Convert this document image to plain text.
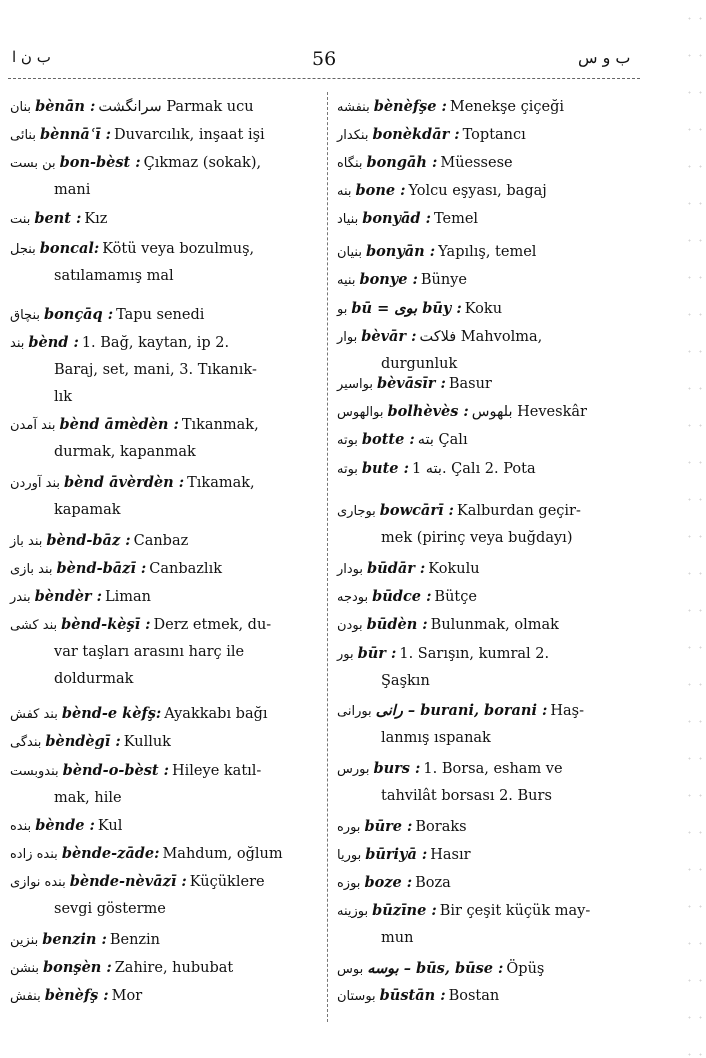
ب ن ا	56	ب و س
بنان bènān : سرانگشت Parmak ucu
بنائی bènnāʿī : Duvarcılık, inşaat işi
بن بست bon-bèst : Çıkmaz (sokak),
mani
بنت bent : Kız
بنجل boncal: Kötü veya bozulmuş,
satılamamış mal
بنچاق bonçāq : Tapu senedi
بند bènd : 1. Bağ, kaytan, ip 2.
Baraj, set, mani, 3. Tıkanık-
lık
بند آمدن bènd āmèdèn : Tıkanmak,
durmak, kapanmak
بند آوردن bènd āvèrdèn : Tıkamak,
kapamak
بند باز bènd-bāz : Canbaz
بند بازی bènd-bāzī : Canbazlık
بندر bèndèr : Liman
بند کشی bènd-kèşī : Derz etmek, du-
var taşları arasını harç ile
doldurmak
بند کفش bènd-e kèfş: Ayakkabı bağı
بندگی bèndègī : Kulluk
بندوبست bènd-o-bèst : Hileye katıl-
mak, hile
بنده bènde : Kul
بنده زاده bènde-zāde: Mahdum, oğlum
بنده نوازی bènde-nèvāzī : Küçüklere
sevgi gösterme
بنزین benzin : Benzin
بنشن bonşèn : Zahire, hububat
بنفش bènèfş : Mor
بنفشه bènèfşe : Menekşe çiçeği
بنکدار bonèkdār : Toptancı
بنگاه bongāh : Müessese
بنه bone : Yolcu eşyası, bagaj
بنیاد bonyād : Temel
بنیان bonyān : Yapılış, temel
بنیه bonye : Bünye
بو bū = بوی būy : Koku
بوار bèvār : فلاکت Mahvolma,
durgunluk
بواسیر bèvāsīr : Basur
بوالهوس bolhèvès : بلهوس Heveskâr
بوته botte : بته Çalı
بوته bute : بته 1. Çalı 2. Pota
بوجاری bowcārī : Kalburdan geçir-
mek (pirinç veya buğdayı)
بودار būdār : Kokulu
بودجه būdce : Bütçe
بودن būdèn : Bulunmak, olmak
بور būr : 1. Sarışın, kumral 2.
Şaşkın
بورانی رانی – burani, borani : Haş-
lanmış ıspanak
بورس burs : 1. Borsa, esham ve
tahvilât borsası 2. Burs
بوره būre : Boraks
بوریا būriyā : Hasır
بوزه boze : Boza
بوزینه būzīne : Bir çeşit küçük may-
mun
بوس بوسه – būs, būse : Öpüş
بوستان būstān : Bostan
